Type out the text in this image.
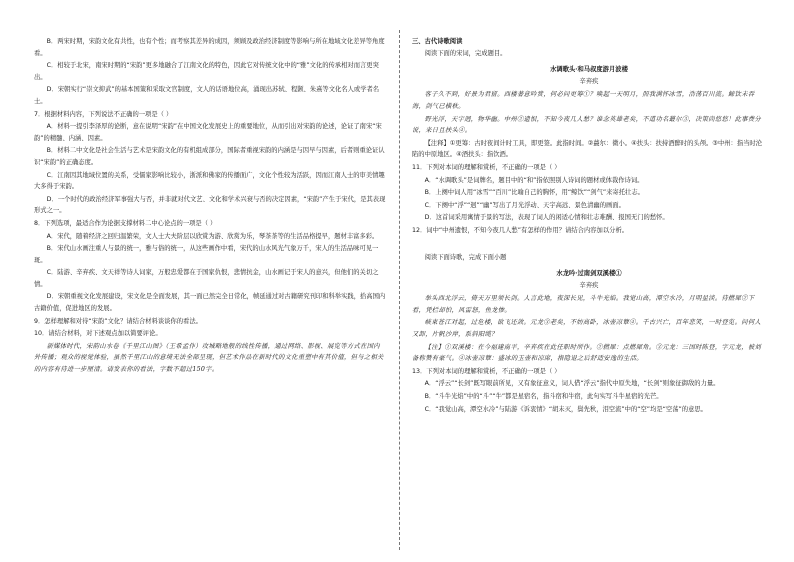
B．两宋时期，宋韵文化有共性，也有个性；而考察其差异的成因，须顾及政治经济制度等影响与所在地域文化差异等角度看。
C．相较于北宋，南宋时期的“宋韵”更多地融合了江南文化的特色，因此它对传统文化中的“雅”文化的传承相对而言更突出。
D．宋朝实行“崇文抑武”的基本国策和采取文官制度，文人的话语地位高，涌现出苏轼、程颢、朱熹等文化名人或学者名士。
7．根据材料内容，下列说法不正确的一项是（ ）
A．材料一提引李泽厚的论断，意在说明“宋韵”在中国文化发展史上的重要地位，从而引出对宋韵的论述，论证了南宋“宋韵”的精髓、内涵、因素。
B．材料二中文化是社会生活与艺术是宋韵文化的有机组成部分，国际者重视宋韵的内涵是与因早与因素，后者则重论证认识“宋韵”的正确态度。
C．江南因其地域位置的关系，受儒家影响比较小，浙派和佛家的传播面广，文化个性较为活跃，因而江南人士的审美情趣大多得于宋韵。
D．一个时代的政治经济军事强大与否，并非就对代文艺、文化和学术兴衰与否的决定因素，“宋韵”产生于宋代，是其表现形式之一。
8．下列选项，最适合作为论据支撑材料二中心论点的一项是（ ）
A．宋代，随着经济之回归温繁荣，文人士大夫阶层以欣赏为游、欣赏为乐，琴茶茶等的生活品格提早，题材丰富多彩。
B．宋代山水画注重人与景的统一，雅与俗的统一，从这些画作中看，宋代的山水风光气象万千，宋人的生活品味可见一斑。
C．陆游、辛弃疾、文天祥等诗人词家，万般忠爱都在于国家仇恨，悲情抗金，山水画记于宋人的意兴，但他们的关切之情。
D．宋朝重视文化发展建设，宋文化是全面发展，其一面已然完全日常化，帧延通过对古籍研究刊印和科举实践，拾高国内古籍价值，促进地区的发展。
9．怎样理解和对待“宋韵”文化？请结合材料谈谈你的看法。
10．请结合材料，对下述观点加以简要评论。
新媒体时代，宋韵山水卷《千里江山图》（王希孟作）攻城略地般的线性传播，通过网络、影视、展览等方式在国内外传播；观众的视觉体验，虽然千里江山的意境无法全部呈现，但艺术作品在新时代的文化重塑中有其价值，但与之相关的内容有待进一步厘清。请发表你的看法，字数不超过150字。
三、古代诗歌阅读
阅读下面的宋词，完成题目。
水调歌头·和马叔度游月波楼
辛弃疾
客子久不到，好景为君留。西楼著意吟赏，何必问更筹①？唤起一天明月，照我满怀冰雪，浩荡百川流。鲸饮未吞海，剑气已横秋。
野光浮，天宇迥，物华幽。中州②遗恨，不知今夜几人愁？谁念英雄老矣，不道功名蕞尔③，决策尚悠悠！此事费分说，来日且扶头④。
【注释】①更筹：古时夜间计时工具，即更签。此指时间。②蕞尔：微小。④扶头：扶持酒醉时的头颅。③中州：指当时沦陷的中原地区。④酒扶头：指饮酒。
11．下列对本词的理解和赏析，不正确的一项是（ ）
A．“水调歌头”是词牌名，题目中的“和”指依照别人诗词的题材或体裁作诗词。
B．上阕中词人用“冰雪”“百川”比喻自己的胸怀，用“鲸饮”“剑气”来寄托壮志。
C．下阕中“浮”“迥”“幽”写出了月光浮动、天宇高远、景色清幽的画面。
D．这首词采用寓情于景的写法，表现了词人的闲适心情和壮志难酬、报国无门的愁怀。
12．词中“中州遗恨，不知今夜几人愁”有怎样的作用？请结合内容加以分析。
阅读下面诗歌，完成下面小题
水龙吟·过南剑双溪楼①
辛弃疾
举头西北浮云，倚天万里须长剑。人言此地，夜深长见，斗牛光焰。我觉山高，潭空水冷，月明星淡。待燃犀②下看，凭栏却怕，风雷怒，鱼龙惨。
峡束苍江对起，过危楼，欲飞还敛。元龙③老矣，不妨高卧，冰壶凉簟④。千古兴亡，百年悲笑，一时登览。问何人又卸，片帆沙岸，系斜阳缆？
【注】①双溪楼：在今福建南平，辛弃疾在此任职时所作。②燃犀：点燃犀角。③元龙：三国时陈登，字元龙，被刘备称赞有豪气。④冰壶凉簟：盛冰的玉壶和凉席，指隐退之后舒适安逸的生活。
13．下列对本词的理解和赏析，不正确的一项是（ ）
A．“浮云”“长剑”既写眼前所见，又有象征意义，词人借“浮云”指代中原失地，“长剑”则象征御敌的力量。
B．“斗牛光焰”中的“斗”“牛”都是星宿名，指斗宿和牛宿，此句实写斗牛星宿的光芒。
C．“我觉山高，潭空水冷”与陆游《诉衷情》“胡未灭，鬓先秋，泪空流”中的“空”均是“空荡”的意思。
